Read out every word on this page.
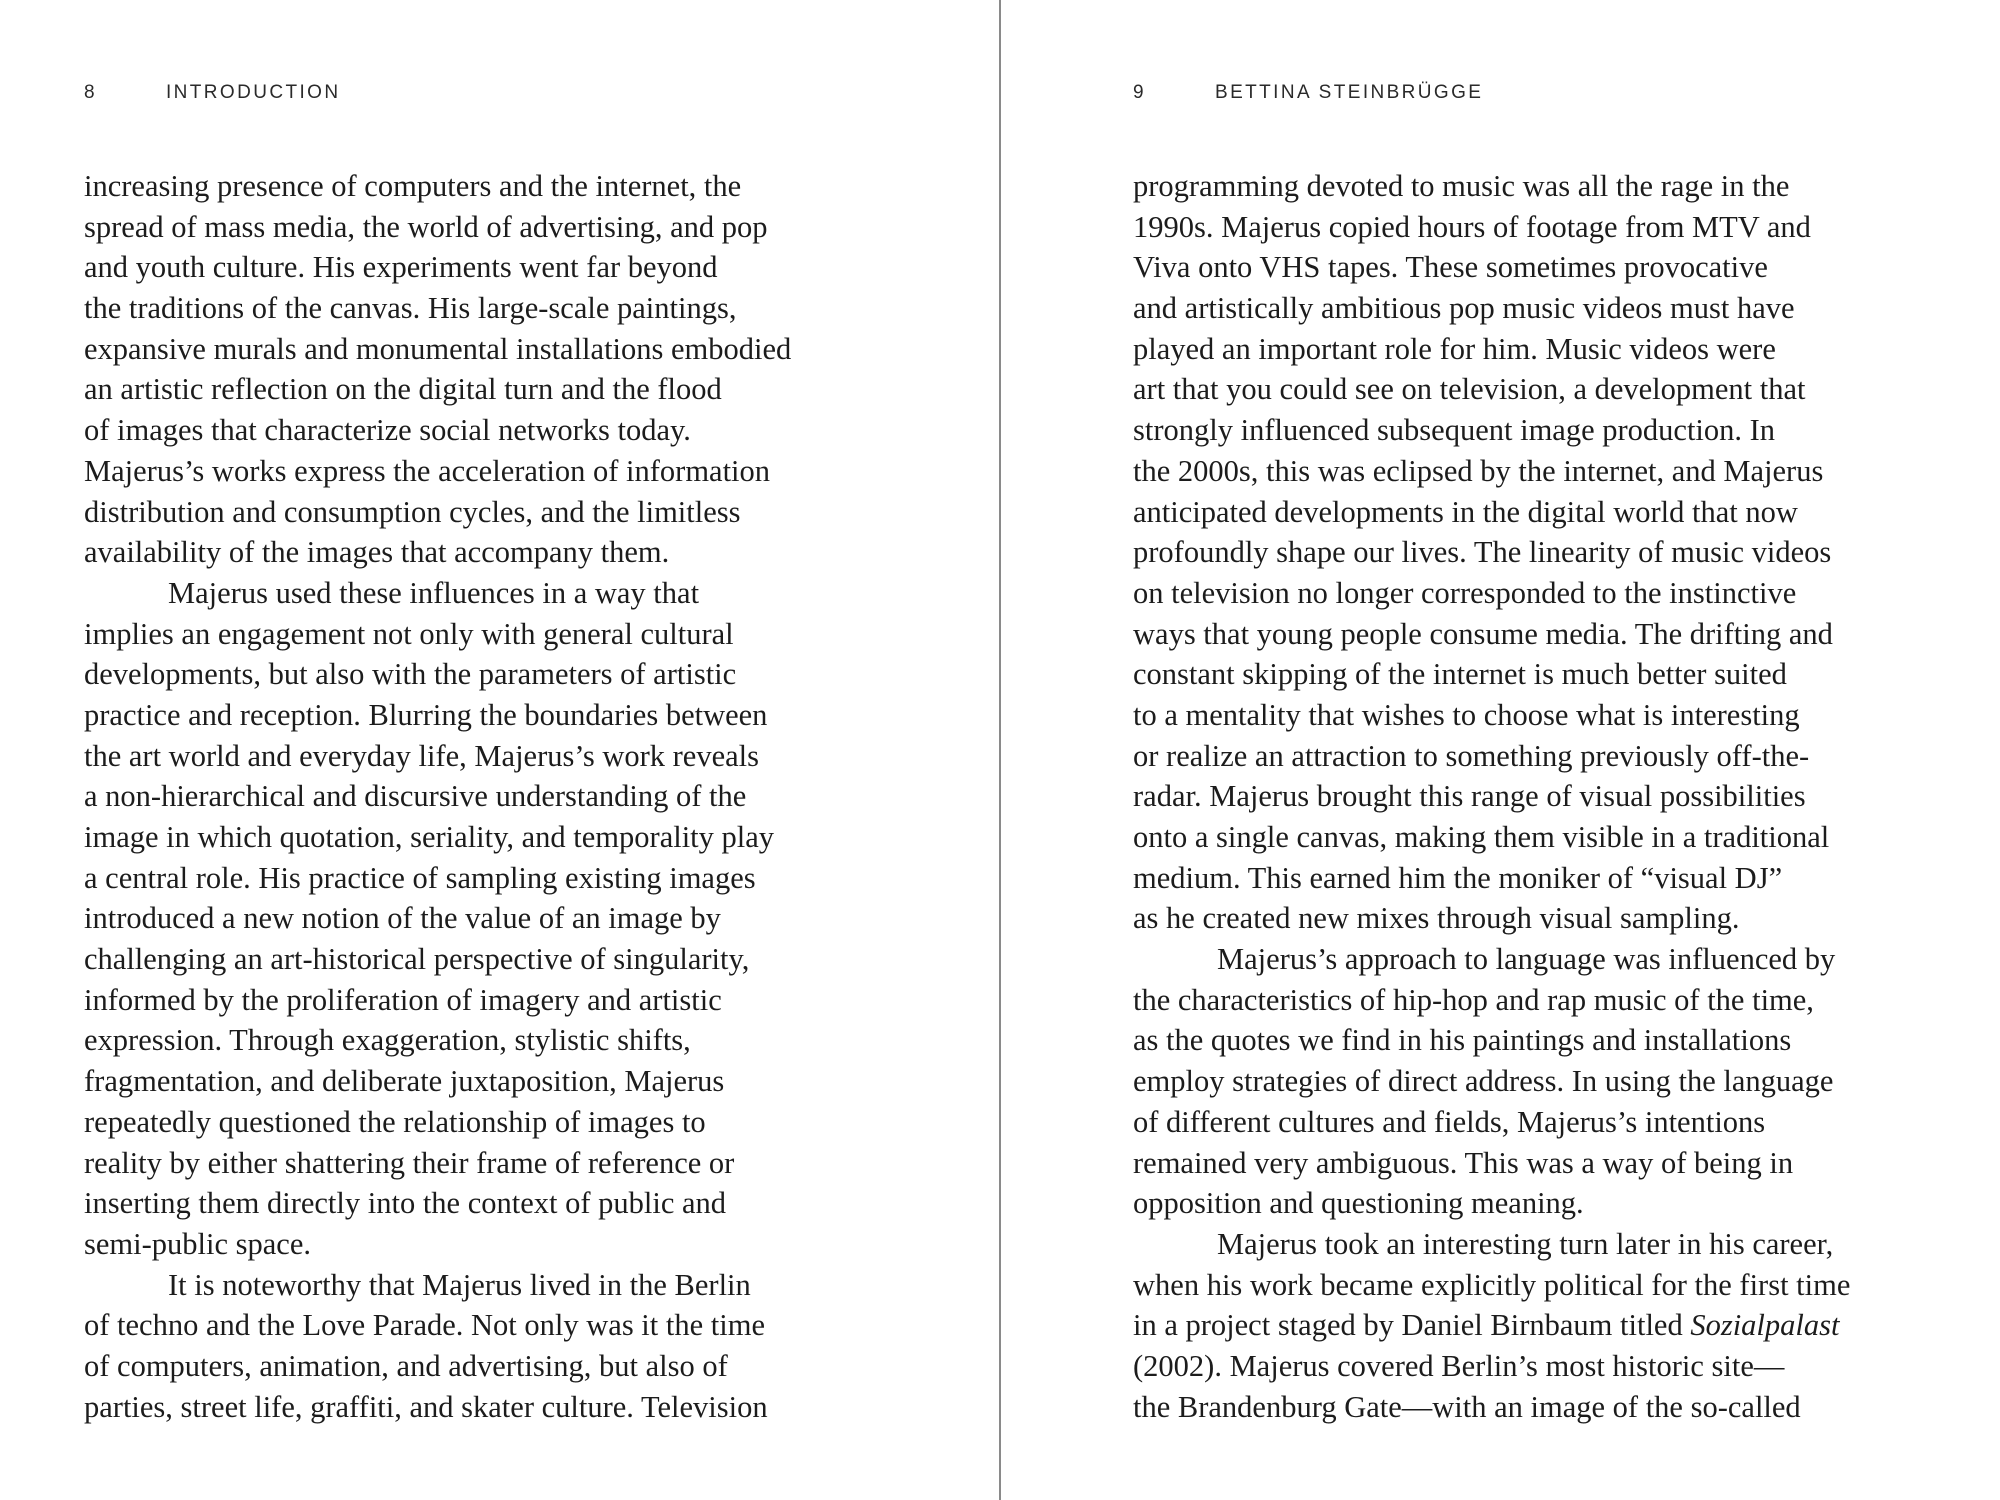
8	INTRODUCTION
increasing presence of computers and the internet, the
spread of mass media, the world of advertising, and pop
and youth culture. His experiments went far beyond
the traditions of the canvas. His large-scale paintings,
expansive murals and monumental installations embodied
an artistic reflection on the digital turn and the flood
of images that characterize social networks today.
Majerus’s works express the acceleration of information
distribution and consumption cycles, and the limitless
availability of the images that accompany them.
Majerus used these influences in a way that
implies an engagement not only with general cultural
developments, but also with the parameters of artistic
practice and reception. Blurring the boundaries between
the art world and everyday life, Majerus’s work reveals
a non-hierarchical and discursive understanding of the
image in which quotation, seriality, and temporality play
a central role. His practice of sampling existing images
introduced a new notion of the value of an image by
challenging an art-historical perspective of singularity,
informed by the proliferation of imagery and artistic
expression. Through exaggeration, stylistic shifts,
fragmentation, and deliberate juxtaposition, Majerus
repeatedly questioned the relationship of images to
reality by either shattering their frame of reference or
inserting them directly into the context of public and
semi-public space.
It is noteworthy that Majerus lived in the Berlin
of techno and the Love Parade. Not only was it the time
of computers, animation, and advertising, but also of
parties, street life, graffiti, and skater culture. Television
9	BETTINA STEINBRÜGGE
programming devoted to music was all the rage in the
1990s. Majerus copied hours of footage from MTV and
Viva onto VHS tapes. These sometimes provocative
and artistically ambitious pop music videos must have
played an important role for him. Music videos were
art that you could see on television, a development that
strongly influenced subsequent image production. In
the 2000s, this was eclipsed by the internet, and Majerus
anticipated developments in the digital world that now
profoundly shape our lives. The linearity of music videos
on television no longer corresponded to the instinctive
ways that young people consume media. The drifting and
constant skipping of the internet is much better suited
to a mentality that wishes to choose what is interesting
or realize an attraction to something previously off-the-
radar. Majerus brought this range of visual possibilities
onto a single canvas, making them visible in a traditional
medium. This earned him the moniker of “visual DJ”
as he created new mixes through visual sampling.
Majerus’s approach to language was influenced by
the characteristics of hip-hop and rap music of the time,
as the quotes we find in his paintings and installations
employ strategies of direct address. In using the language
of different cultures and fields, Majerus’s intentions
remained very ambiguous. This was a way of being in
opposition and questioning meaning.
Majerus took an interesting turn later in his career,
when his work became explicitly political for the first time
in a project staged by Daniel Birnbaum titled Sozialpalast
(2002). Majerus covered Berlin’s most historic site—
the Brandenburg Gate—with an image of the so-called
